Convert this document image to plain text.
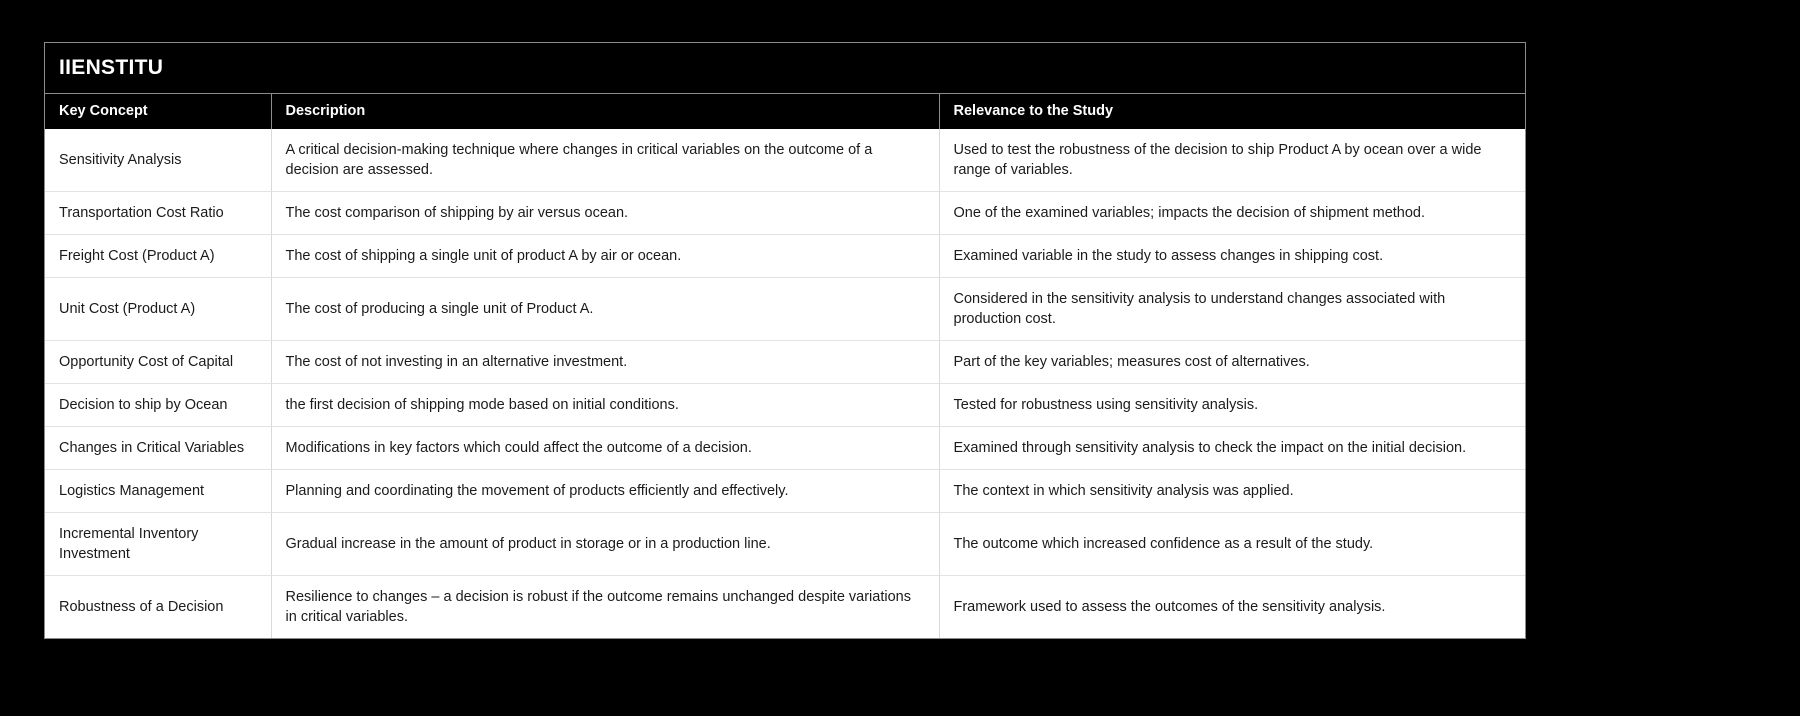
IIENSTITU
Key Concept	Description	Relevance to the Study
Sensitivity Analysis	A critical decision-making technique where changes in critical variables on the outcome of a decision are assessed.	Used to test the robustness of the decision to ship Product A by ocean over a wide range of variables.
Transportation Cost Ratio	The cost comparison of shipping by air versus ocean.	One of the examined variables; impacts the decision of shipment method.
Freight Cost (Product A)	The cost of shipping a single unit of product A by air or ocean.	Examined variable in the study to assess changes in shipping cost.
Unit Cost (Product A)	The cost of producing a single unit of Product A.	Considered in the sensitivity analysis to understand changes associated with production cost.
Opportunity Cost of Capital	The cost of not investing in an alternative investment.	Part of the key variables; measures cost of alternatives.
Decision to ship by Ocean	the first decision of shipping mode based on initial conditions.	Tested for robustness using sensitivity analysis.
Changes in Critical Variables	Modifications in key factors which could affect the outcome of a decision.	Examined through sensitivity analysis to check the impact on the initial decision.
Logistics Management	Planning and coordinating the movement of products efficiently and effectively.	The context in which sensitivity analysis was applied.
Incremental Inventory Investment	Gradual increase in the amount of product in storage or in a production line.	The outcome which increased confidence as a result of the study.
Robustness of a Decision	Resilience to changes – a decision is robust if the outcome remains unchanged despite variations in critical variables.	Framework used to assess the outcomes of the sensitivity analysis.
